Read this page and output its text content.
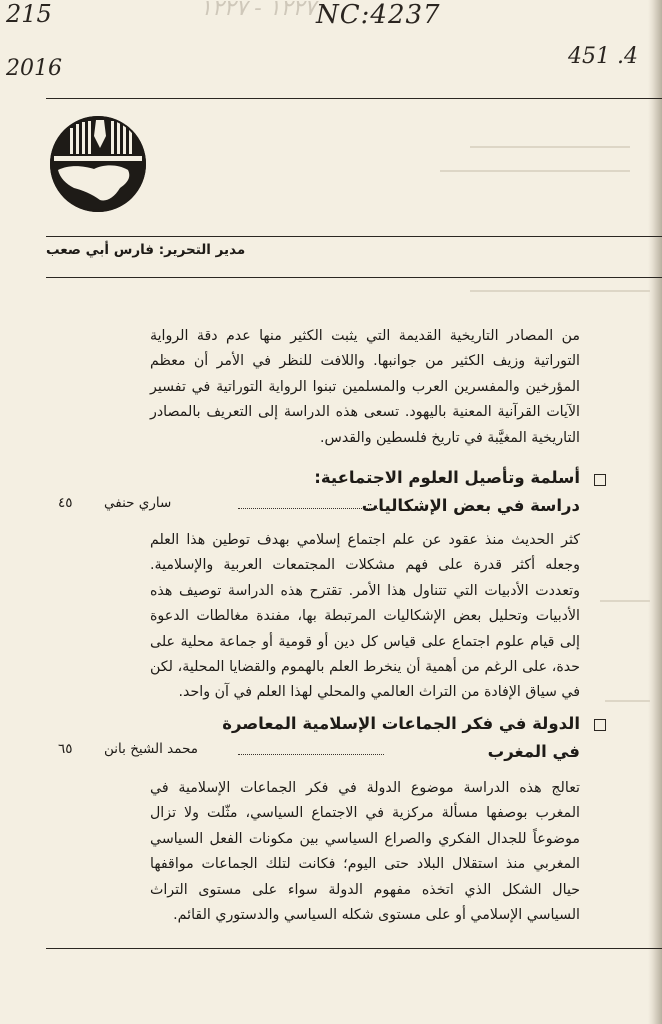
١٢٢٧ - ١٢٢٧
215	NC:4237
2016	451 .4
مدير التحرير: فارس أبي صعب
من المصادر التاريخية القديمة التي يثبت الكثير منها عدم دقة الرواية التوراتية وزيف الكثير من جوانبها. واللافت للنظر في الأمر أن معظم المؤرخين والمفسرين العرب والمسلمين تبنوا الرواية التوراتية في تفسير الآيات القرآنية المعنية باليهود. تسعى هذه الدراسة إلى التعريف بالمصادر التاريخية المغيَّبة في تاريخ فلسطين والقدس.
أسلمة وتأصيل العلوم الاجتماعية:
دراسة في بعض الإشكاليات
ساري حنفي
٤٥
كثر الحديث منذ عقود عن علم اجتماع إسلامي بهدف توطين هذا العلم وجعله أكثر قدرة على فهم مشكلات المجتمعات العربية والإسلامية. وتعددت الأدبيات التي تتناول هذا الأمر. تقترح هذه الدراسة توصيف هذه الأدبيات وتحليل بعض الإشكاليات المرتبطة بها، مفندة مغالطات الدعوة إلى قيام علوم اجتماع على قياس كل دين أو قومية أو جماعة محلية على حدة، على الرغم من أهمية أن ينخرط العلم بالهموم والقضايا المحلية، لكن في سياق الإفادة من التراث العالمي والمحلي لهذا العلم في آن واحد.
الدولة في فكر الجماعات الإسلامية المعاصرة
في المغرب
محمد الشيخ بانن
٦٥
تعالج هذه الدراسة موضوع الدولة في فكر الجماعات الإسلامية في المغرب بوصفها مسألة مركزية في الاجتماع السياسي، مثّلت ولا تزال موضوعاً للجدال الفكري والصراع السياسي بين مكونات الفعل السياسي المغربي منذ استقلال البلاد حتى اليوم؛ فكانت لتلك الجماعات مواقفها حيال الشكل الذي اتخذه مفهوم الدولة سواء على مستوى التراث السياسي الإسلامي أو على مستوى شكله السياسي والدستوري القائم.
